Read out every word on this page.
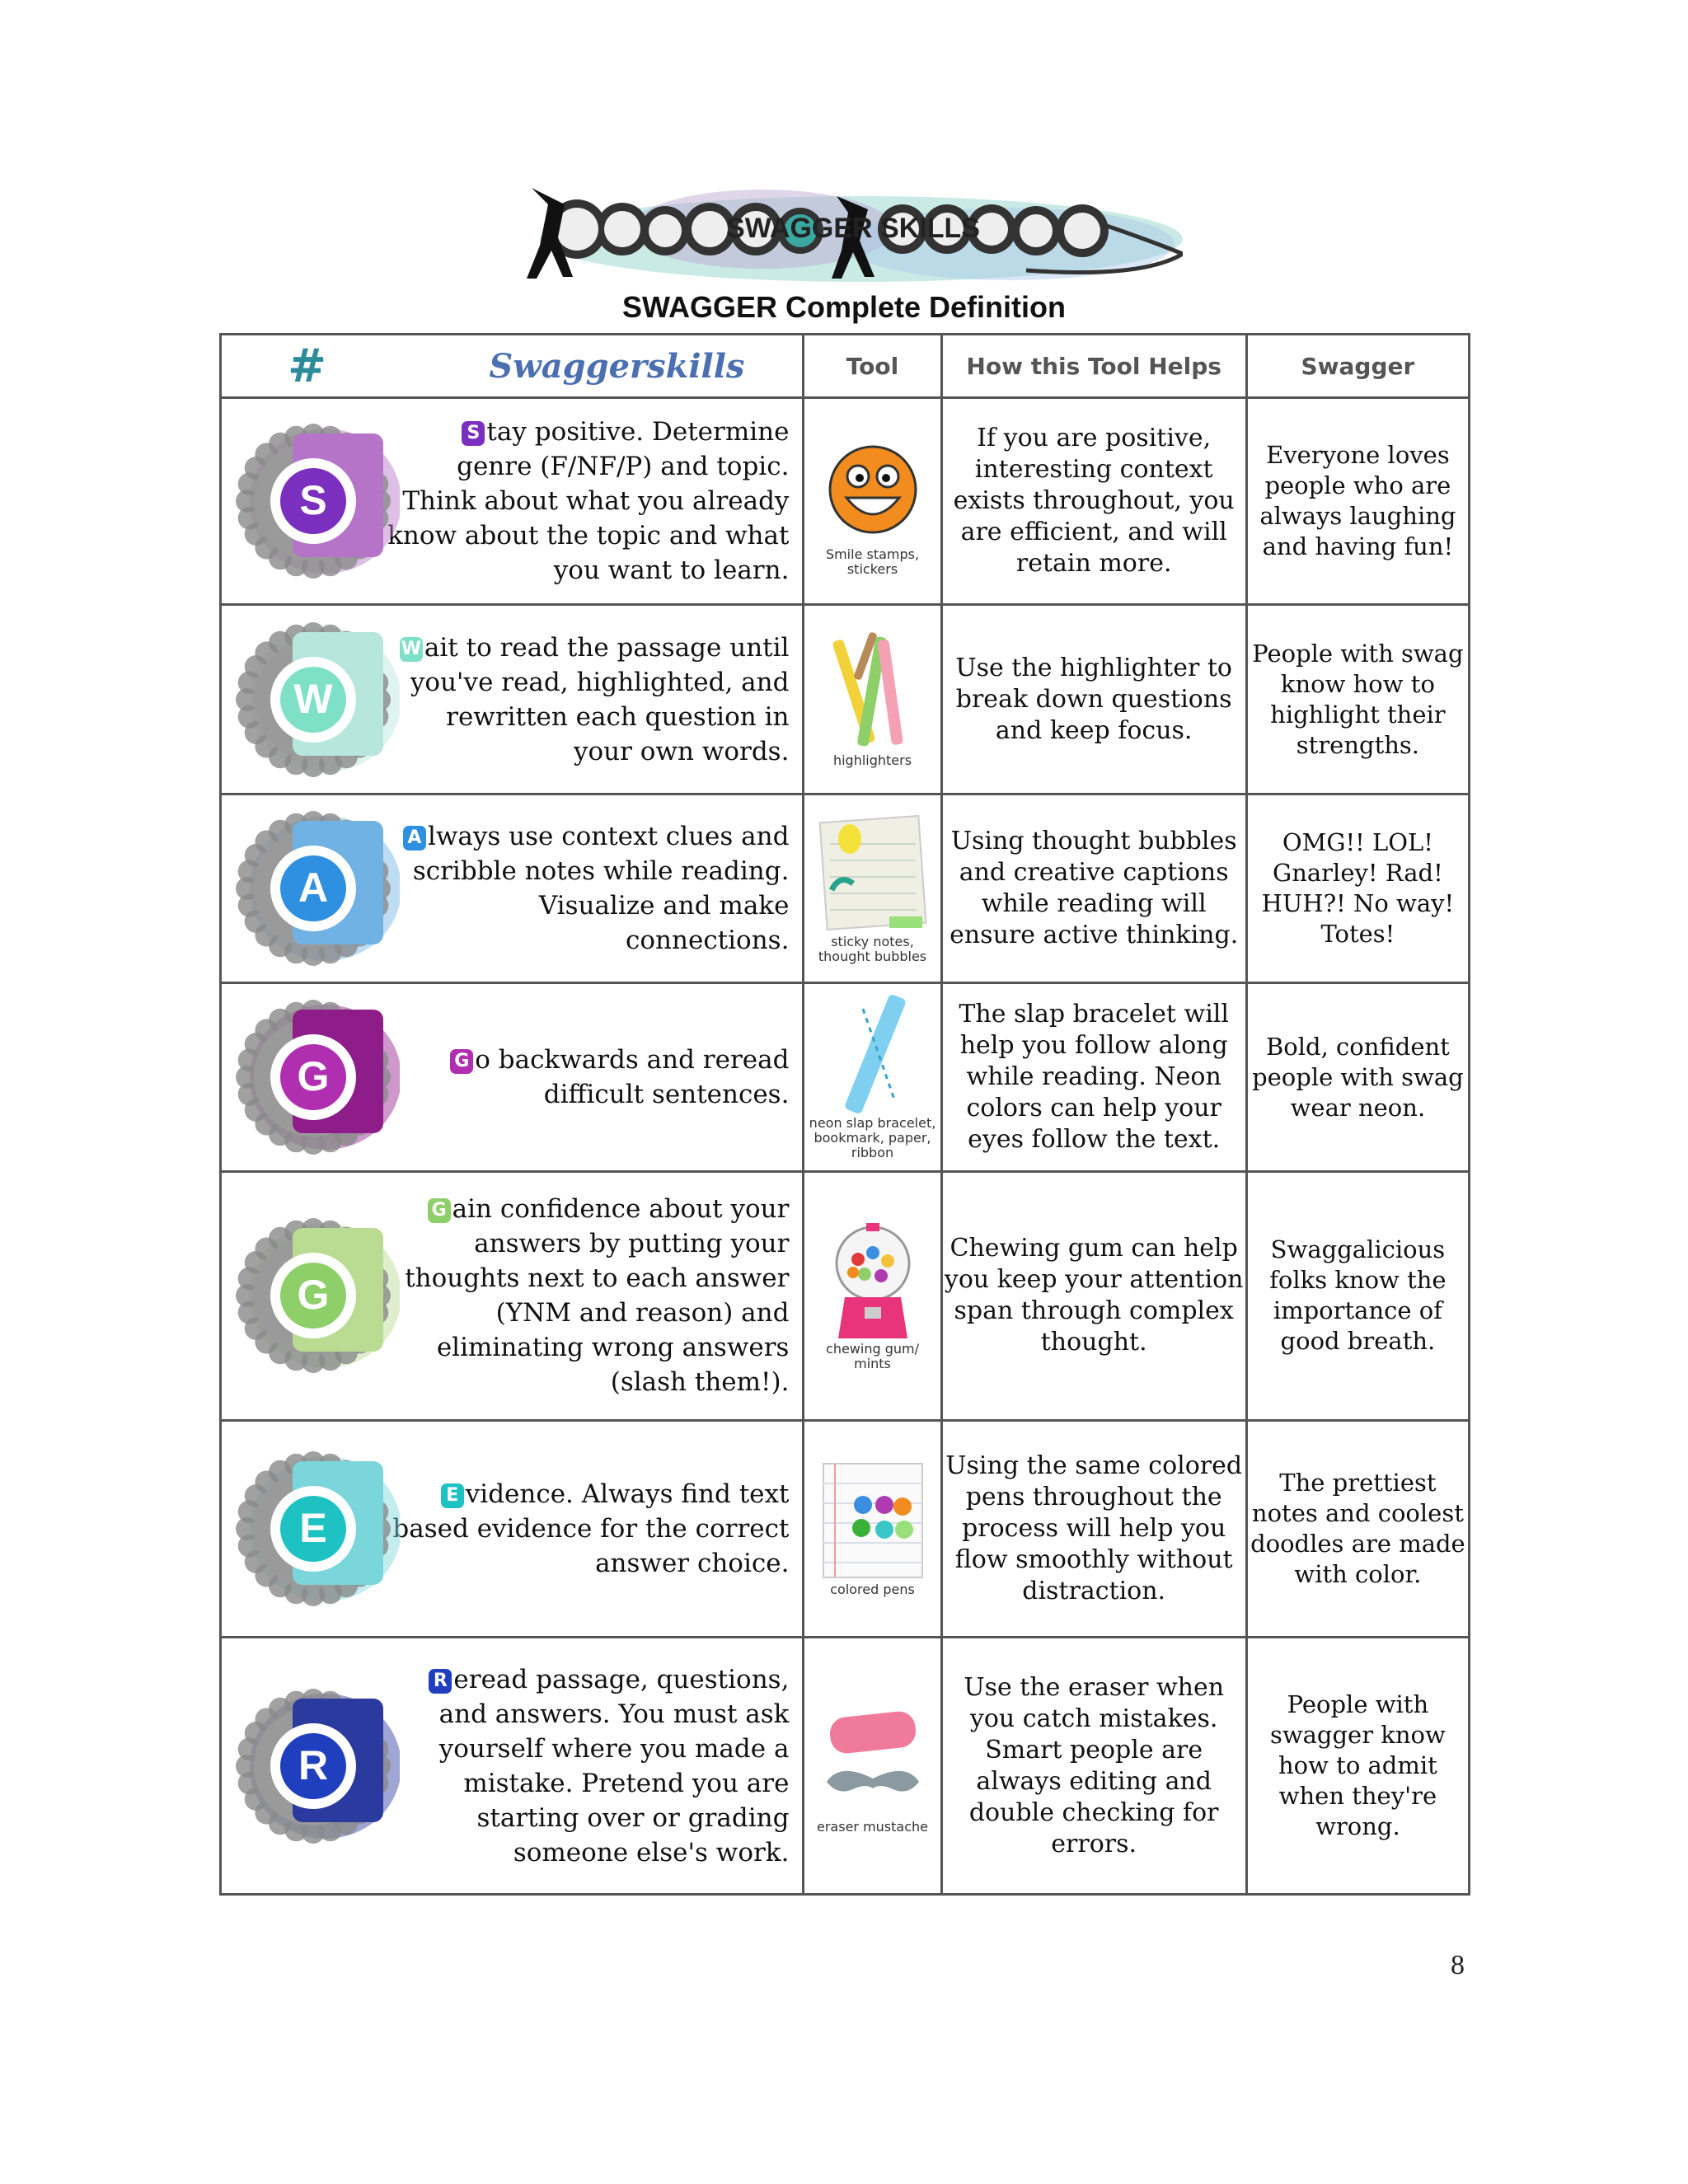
SWAGGER SKILLS
SWAGGER Complete Definition
# Swaggerskills	Tool	How this Tool Helps	Swagger

S
S tay positive. Determine genre (F/NF/P) and topic. Think about what you already know about the topic and what you want to learn.	Smile stamps, stickers	If you are positive, interesting context exists throughout, you are efficient, and will retain more.	Everyone loves people who are always laughing and having fun!

W
W ait to read the passage until you've read, highlighted, and rewritten each question in your own words.	highlighters	Use the highlighter to break down questions and keep focus.	People with swag know how to highlight their strengths.

A
A lways use context clues and scribble notes while reading. Visualize and make connections.	sticky notes, thought bubbles	Using thought bubbles and creative captions while reading will ensure active thinking.	OMG!! LOL! Gnarley! Rad! HUH?! No way! Totes!

G G o backwards and reread difficult sentences.	neon slap bracelet, bookmark, paper, ribbon	The slap bracelet will help you follow along while reading. Neon colors can help your eyes follow the text.	Bold, confident people with swag wear neon.

G
G ain confidence about your answers by putting your thoughts next to each answer (YNM and reason) and eliminating wrong answers (slash them!).	chewing gum/ mints	Chewing gum can help you keep your attention span through complex thought.	Swaggalicious folks know the importance of good breath.

E
E vidence. Always find text based evidence for the correct answer choice.	colored pens	Using the same colored pens throughout the process will help you flow smoothly without distraction.	The prettiest notes and coolest doodles are made with color.

R
R eread passage, questions, and answers. You must ask yourself where you made a mistake. Pretend you are starting over or grading someone else's work.	eraser mustache	Use the eraser when you catch mistakes. Smart people are always editing and double checking for errors.	People with swagger know how to admit when they're wrong.
8
